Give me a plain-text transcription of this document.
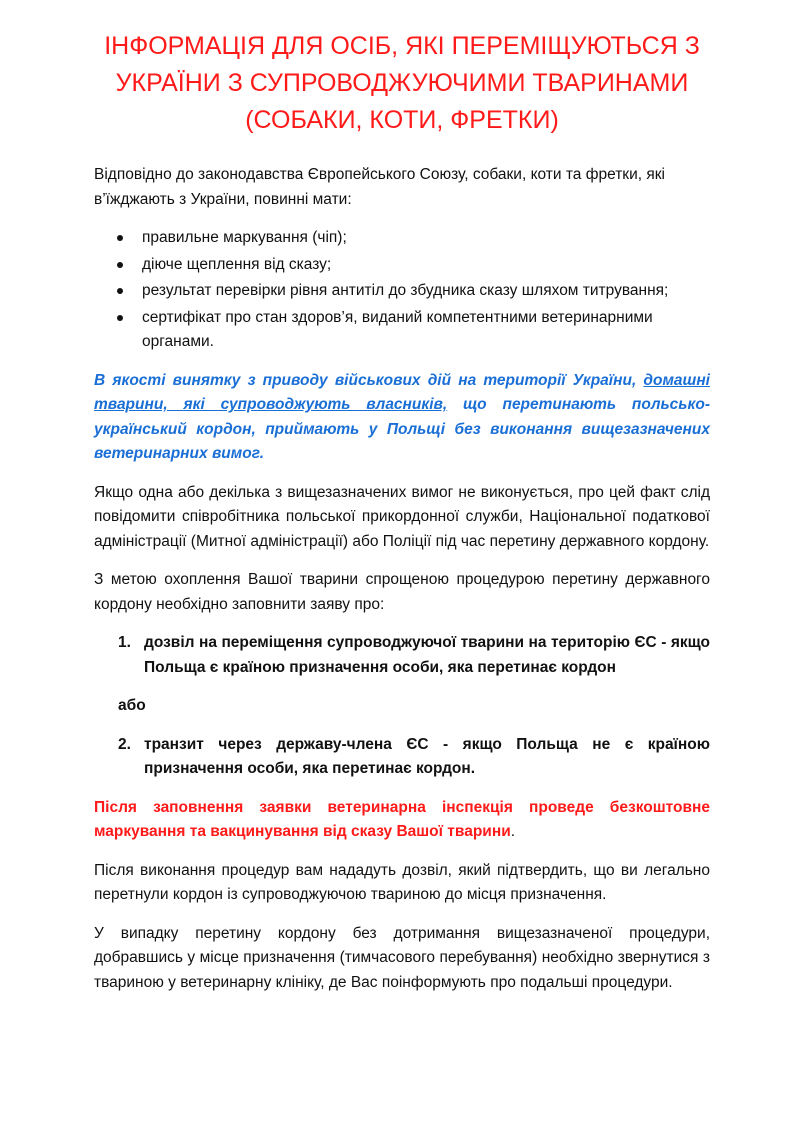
ІНФОРМАЦІЯ ДЛЯ ОСІБ, ЯКІ ПЕРЕМІЩУЮТЬСЯ З УКРАЇНИ З СУПРОВОДЖУЮЧИМИ ТВАРИНАМИ (СОБАКИ, КОТИ, ФРЕТКИ)

Відповідно до законодавства Європейського Союзу, собаки, коти та фретки, які в’їжджають з України, повинні мати:

правильне маркування (чіп);
діюче щеплення від сказу;
результат перевірки рівня антитіл до збудника сказу шляхом титрування;
сертифікат про стан здоров’я, виданий компетентними ветеринарними органами.

В якості винятку з приводу військових дій на території України, домашні тварини, які супроводжують власників, що перетинають польсько-український кордон, приймають у Польщі без виконання вищезазначених ветеринарних вимог.

Якщо одна або декілька з вищезазначених вимог не виконується, про цей факт слід повідомити співробітника польської прикордонної служби, Національної податкової адміністрації (Митної адміністрації) або Поліції під час перетину державного кордону.

З метою охоплення Вашої тварини спрощеною процедурою перетину державного кордону необхідно заповнити заяву про:

1. дозвіл на переміщення супроводжуючої тварини на територію ЄС - якщо Польща є країною призначення особи, яка перетинає кордон

або

2. транзит через державу-члена ЄС - якщо Польща не є країною призначення особи, яка перетинає кордон.

Після заповнення заявки ветеринарна інспекція проведе безкоштовне маркування та вакцинування від сказу Вашої тварини.

Після виконання процедур вам нададуть дозвіл, який підтвердить, що ви легально перетнули кордон із супроводжуючою твариною до місця призначення.

У випадку перетину кордону без дотримання вищезазначеної процедури, добравшись у місце призначення (тимчасового перебування) необхідно звернутися з твариною у ветеринарну клініку, де Вас поінформують про подальші процедури.
